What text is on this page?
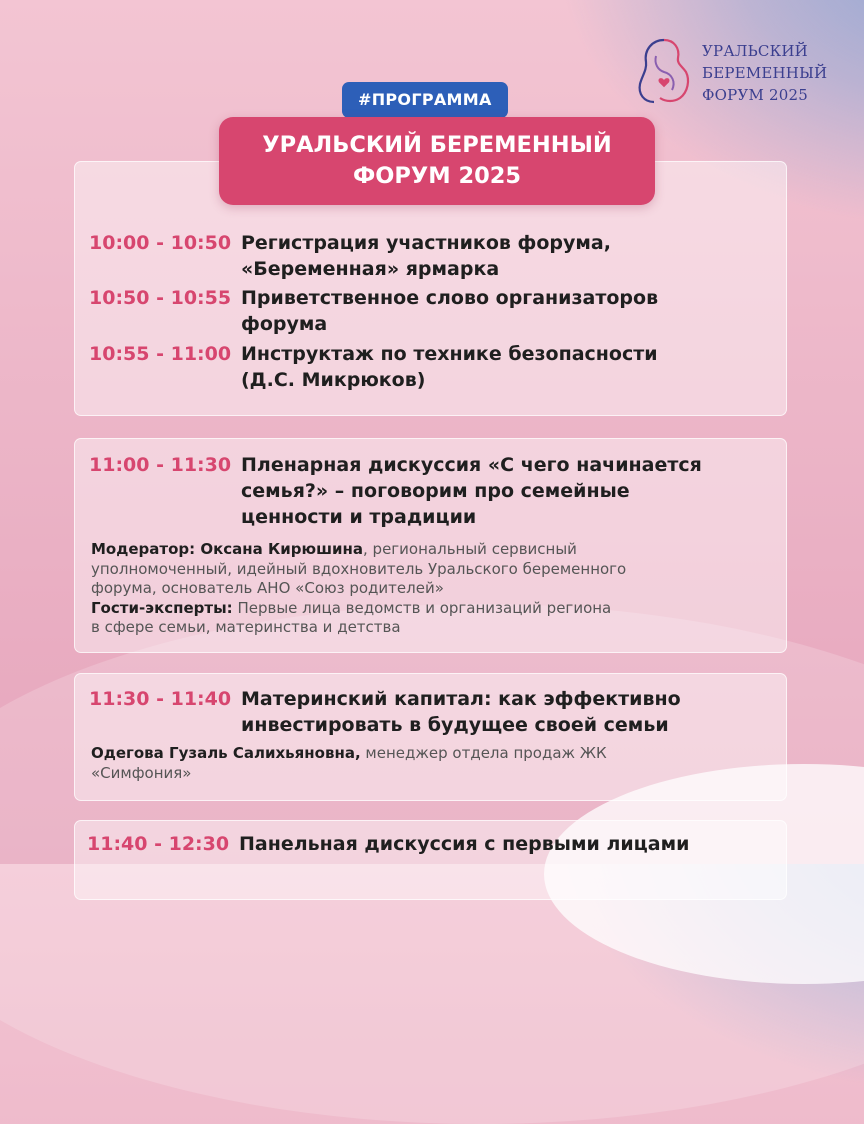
УРАЛЬСКИЙ
БЕРЕМЕННЫЙ
ФОРУМ 2025
#ПРОГРАММА
УРАЛЬСКИЙ БЕРЕМЕННЫЙ
ФОРУМ 2025
10:00 - 10:50 Регистрация участников форума,
«Беременная» ярмарка
10:50 - 10:55 Приветственное слово организаторов
форума
10:55 - 11:00 Инструктаж по технике безопасности
(Д.С. Микрюков)
11:00 - 11:30 Пленарная дискуссия «С чего начинается
семья?» – поговорим про семейные
ценности и традиции

Модератор: Оксана Кирюшина, региональный сервисный

уполномоченный, идейный вдохновитель Уральского беременного

форума, основатель АНО «Союз родителей»

Гости-эксперты: Первые лица ведомств и организаций региона

в сфере семьи, материнства и детства

11:30 - 11:40 Материнский капитал: как эффективно
инвестировать в будущее своей семьи

Одегова Гузаль Салихьяновна, менеджер отдела продаж ЖК

«Симфония»

11:40 - 12:30 Панельная дискуссия с первыми лицами
